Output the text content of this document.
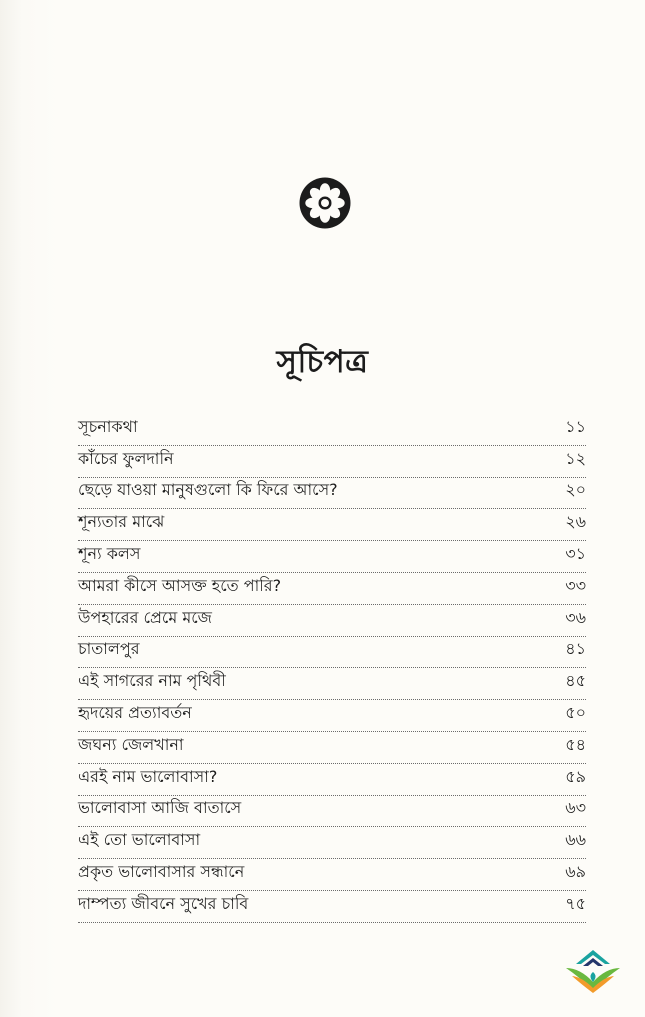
সূচিপত্র
সূচনাকথা	১১
কাঁচের ফুলদানি	১২
ছেড়ে যাওয়া মানুষগুলো কি ফিরে আসে?	২০
শূন্যতার মাঝে	২৬
শূন্য কলস	৩১
আমরা কীসে আসক্ত হতে পারি?	৩৩
উপহারের প্রেমে মজে	৩৬
চাতালপুর	৪১
এই সাগরের নাম পৃথিবী	৪৫
হৃদয়ের প্রত্যাবর্তন	৫০
জঘন্য জেলখানা	৫৪
এরই নাম ভালোবাসা?	৫৯
ভালোবাসা আজি বাতাসে	৬৩
এই তো ভালোবাসা	৬৬
প্রকৃত ভালোবাসার সন্ধানে	৬৯
দাম্পত্য জীবনে সুখের চাবি	৭৫
